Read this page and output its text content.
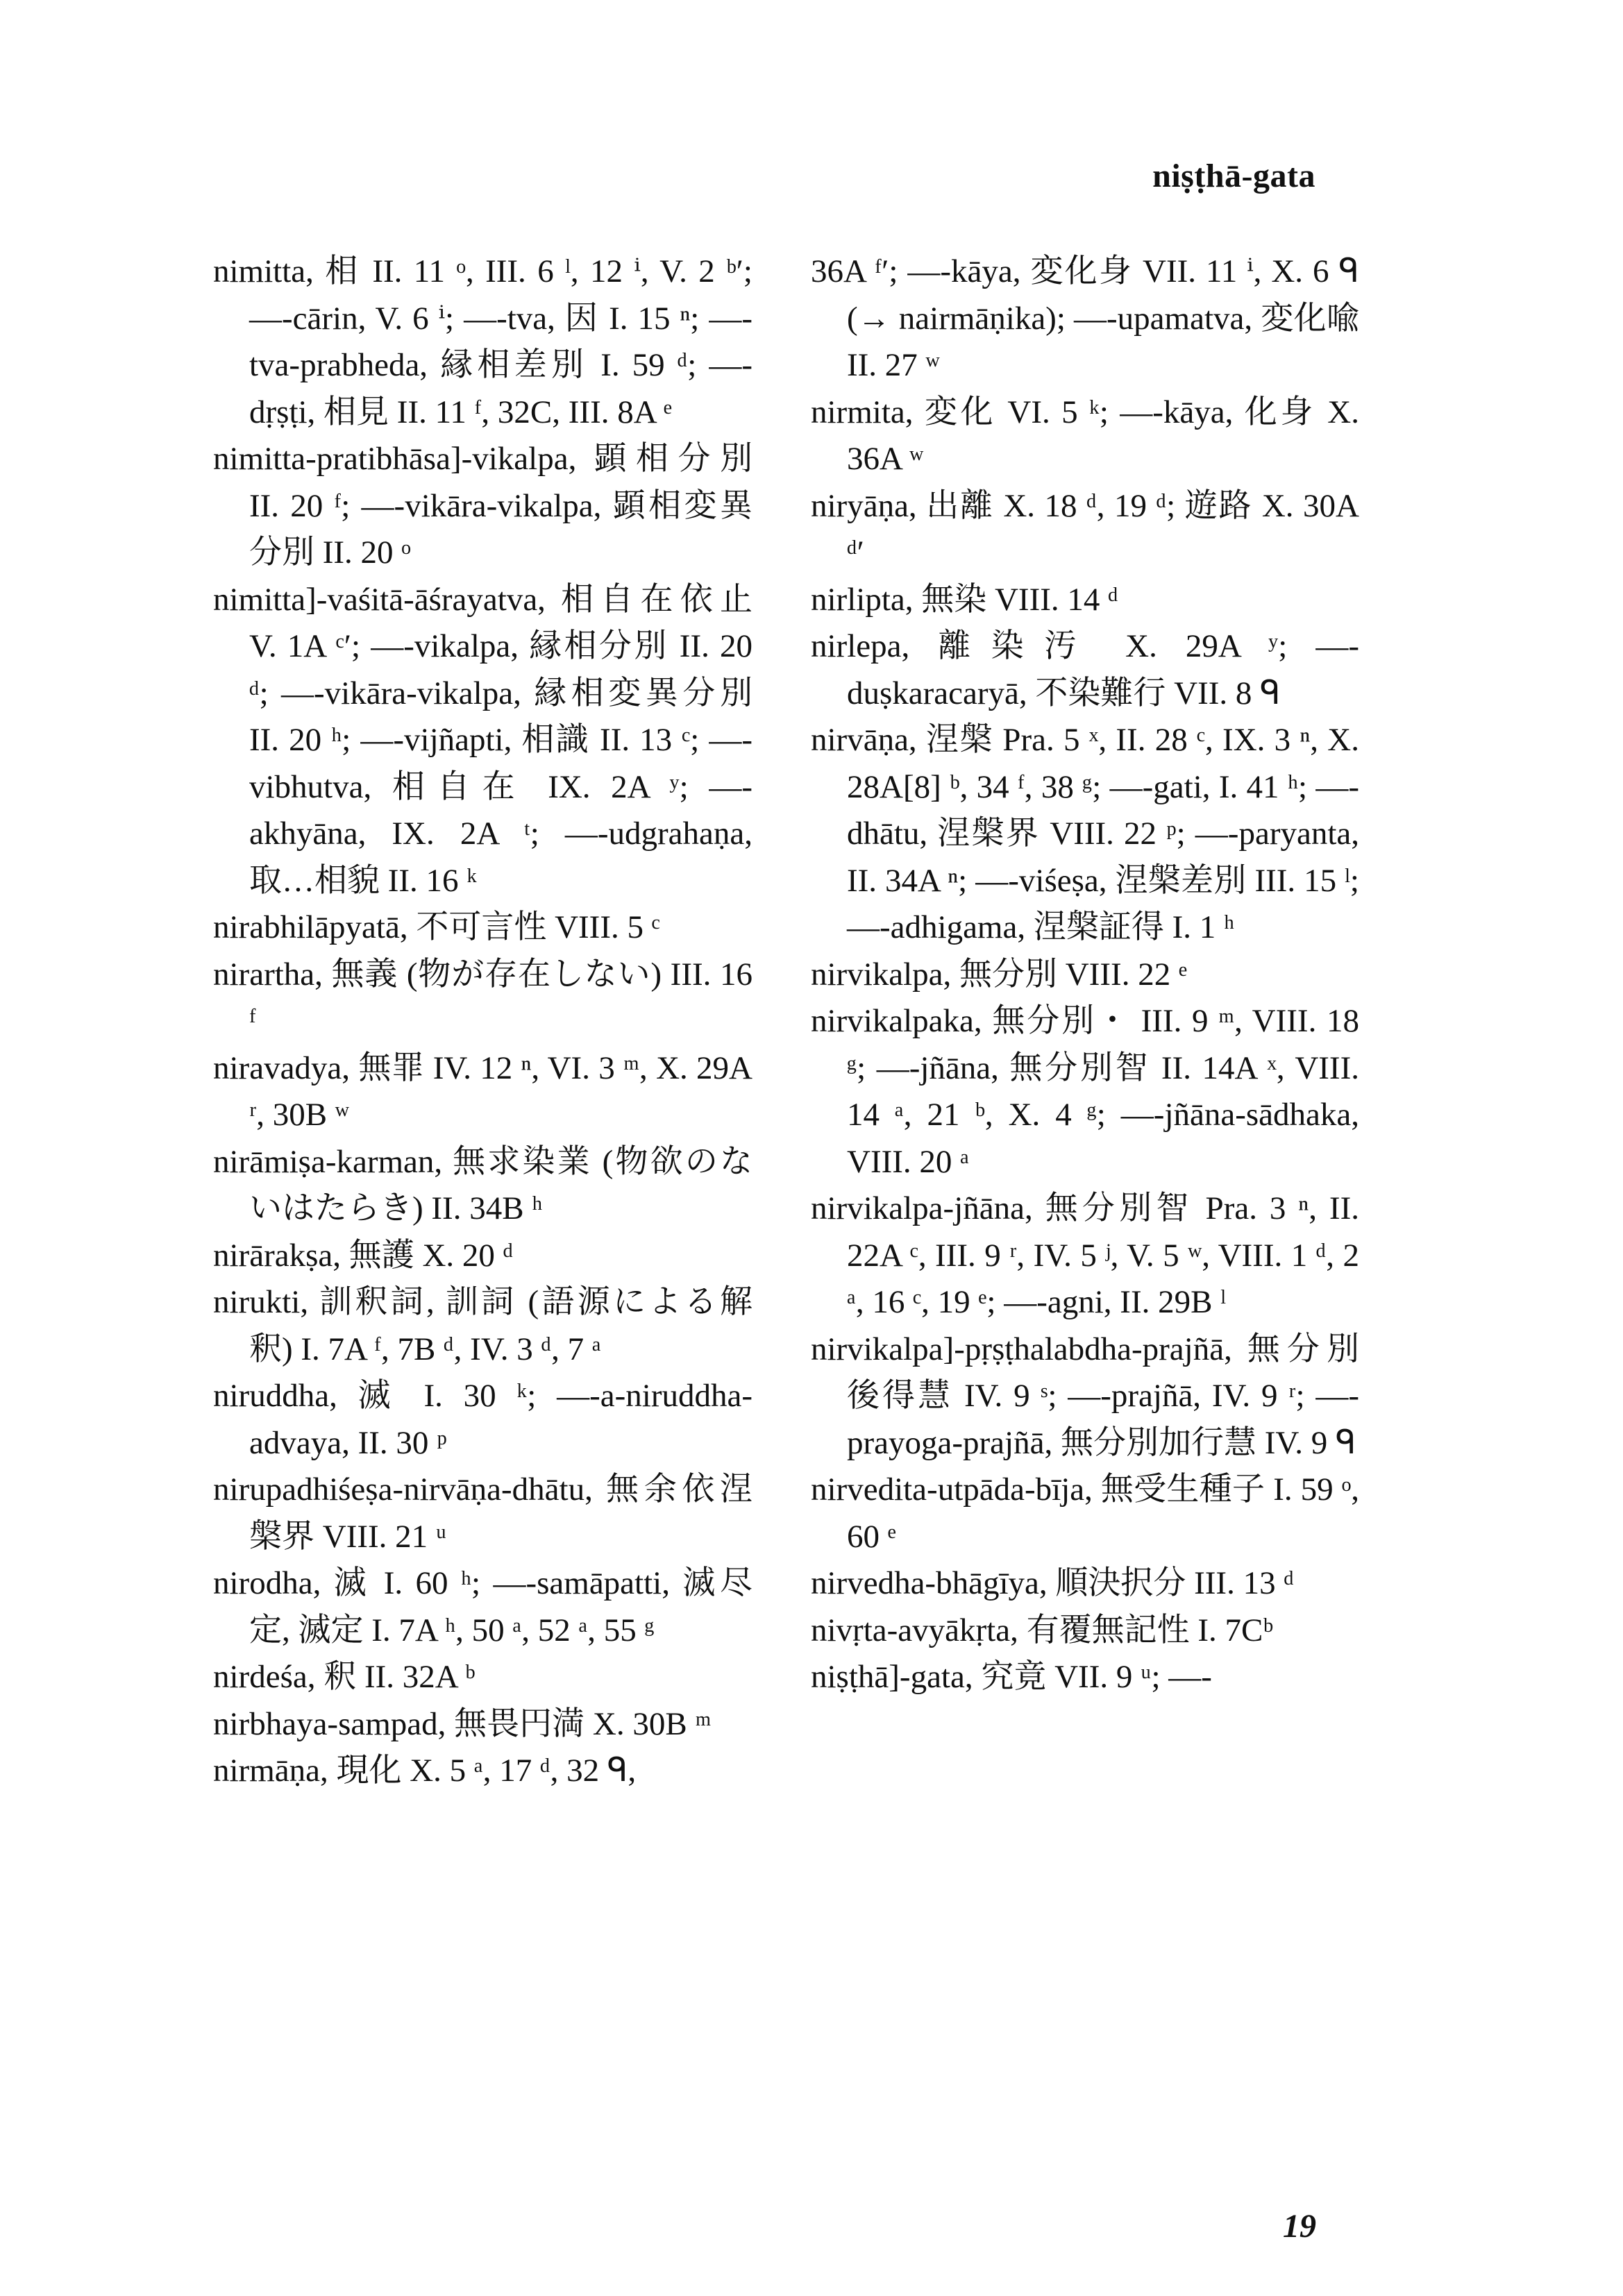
niṣṭhā-gata
nimitta, 相 II. 11 ᵒ, III. 6 ˡ, 12 ⁱ, V. 2 ᵇ′; —-cārin, V. 6 ⁱ; —-tva, 因 I. 15 ⁿ; —-tva-prabheda, 縁相差別 I. 59 ᵈ; —-dṛṣṭi, 相見 II. 11 ᶠ, 32C, III. 8A ᵉ
nimitta-pratibhāsa]-vikalpa, 顕相分別 II. 20 ᶠ; —-vikāra-vikalpa, 顕相変異分別 II. 20 ᵒ
nimitta]-vaśitā-āśrayatva, 相自在依止 V. 1A ᶜ′; —-vikalpa, 縁相分別 II. 20 ᵈ; —-vikāra-vikalpa, 縁相変異分別 II. 20 ʰ; —-vijñapti, 相識 II. 13 ᶜ; —-vibhutva, 相自在 IX. 2A ʸ; —-akhyāna, IX. 2A ᵗ; —-udgrahaṇa, 取…相貌 II. 16 ᵏ
nirabhilāpyatā, 不可言性 VIII. 5 ᶜ
nirartha, 無義 (物が存在しない) III. 16 ᶠ
niravadya, 無罪 IV. 12 ⁿ, VI. 3 ᵐ, X. 29A ʳ, 30B ʷ
nirāmiṣa-karman, 無求染業 (物欲のないはたらき) II. 34B ʰ
nirārakṣa, 無護 X. 20 ᵈ
nirukti, 訓釈詞, 訓詞 (語源による解釈) I. 7A ᶠ, 7B ᵈ, IV. 3 ᵈ, 7 ᵃ
niruddha, 滅 I. 30 ᵏ; —-a-niruddha-advaya, II. 30 ᵖ
nirupadhiśeṣa-nirvāṇa-dhātu, 無余依涅槃界 VIII. 21 ᵘ
nirodha, 滅 I. 60 ʰ; —-samāpatti, 滅尽定, 滅定 I. 7A ʰ, 50 ᵃ, 52 ᵃ, 55 ᵍ
nirdeśa, 釈 II. 32A ᵇ
nirbhaya-sampad, 無畏円満 X. 30B ᵐ
nirmāṇa, 現化 X. 5 ᵃ, 17 ᵈ, 32 ᑫ,
36A ᶠ′; —-kāya, 変化身 VII. 11 ⁱ, X. 6 ᑫ (→ nairmāṇika); —-upamatva, 変化喩 II. 27 ʷ
nirmita, 変化 VI. 5 ᵏ; —-kāya, 化身 X. 36A ʷ
niryāṇa, 出離 X. 18 ᵈ, 19 ᵈ; 遊路 X. 30A ᵈ′
nirlipta, 無染 VIII. 14 ᵈ
nirlepa, 離染汚 X. 29A ʸ; —-duṣkaracaryā, 不染難行 VII. 8 ᑫ
nirvāṇa, 涅槃 Pra. 5 ˣ, II. 28 ᶜ, IX. 3 ⁿ, X. 28A[8] ᵇ, 34 ᶠ, 38 ᵍ; —-gati, I. 41 ʰ; —-dhātu, 涅槃界 VIII. 22 ᵖ; —-paryanta, II. 34A ⁿ; —-viśeṣa, 涅槃差別 III. 15 ˡ; —-adhigama, 涅槃証得 I. 1 ʰ
nirvikalpa, 無分別 VIII. 22 ᵉ
nirvikalpaka, 無分別・ III. 9 ᵐ, VIII. 18 ᵍ; —-jñāna, 無分別智 II. 14A ˣ, VIII. 14 ᵃ, 21 ᵇ, X. 4 ᵍ; —-jñāna-sādhaka, VIII. 20 ᵃ
nirvikalpa-jñāna, 無分別智 Pra. 3 ⁿ, II. 22A ᶜ, III. 9 ʳ, IV. 5 ʲ, V. 5 ʷ, VIII. 1 ᵈ, 2 ᵃ, 16 ᶜ, 19 ᵉ; —-agni, II. 29B ˡ
nirvikalpa]-pṛṣṭhalabdha-prajñā, 無分別後得慧 IV. 9 ˢ; —-prajñā, IV. 9 ʳ; —-prayoga-prajñā, 無分別加行慧 IV. 9 ᑫ
nirvedita-utpāda-bīja, 無受生種子 I. 59 ᵒ, 60 ᵉ
nirvedha-bhāgīya, 順決択分 III. 13 ᵈ
nivṛta-avyākṛta, 有覆無記性 I. 7Cᵇ
niṣṭhā]-gata, 究竟 VII. 9 ᵘ; —-
19
